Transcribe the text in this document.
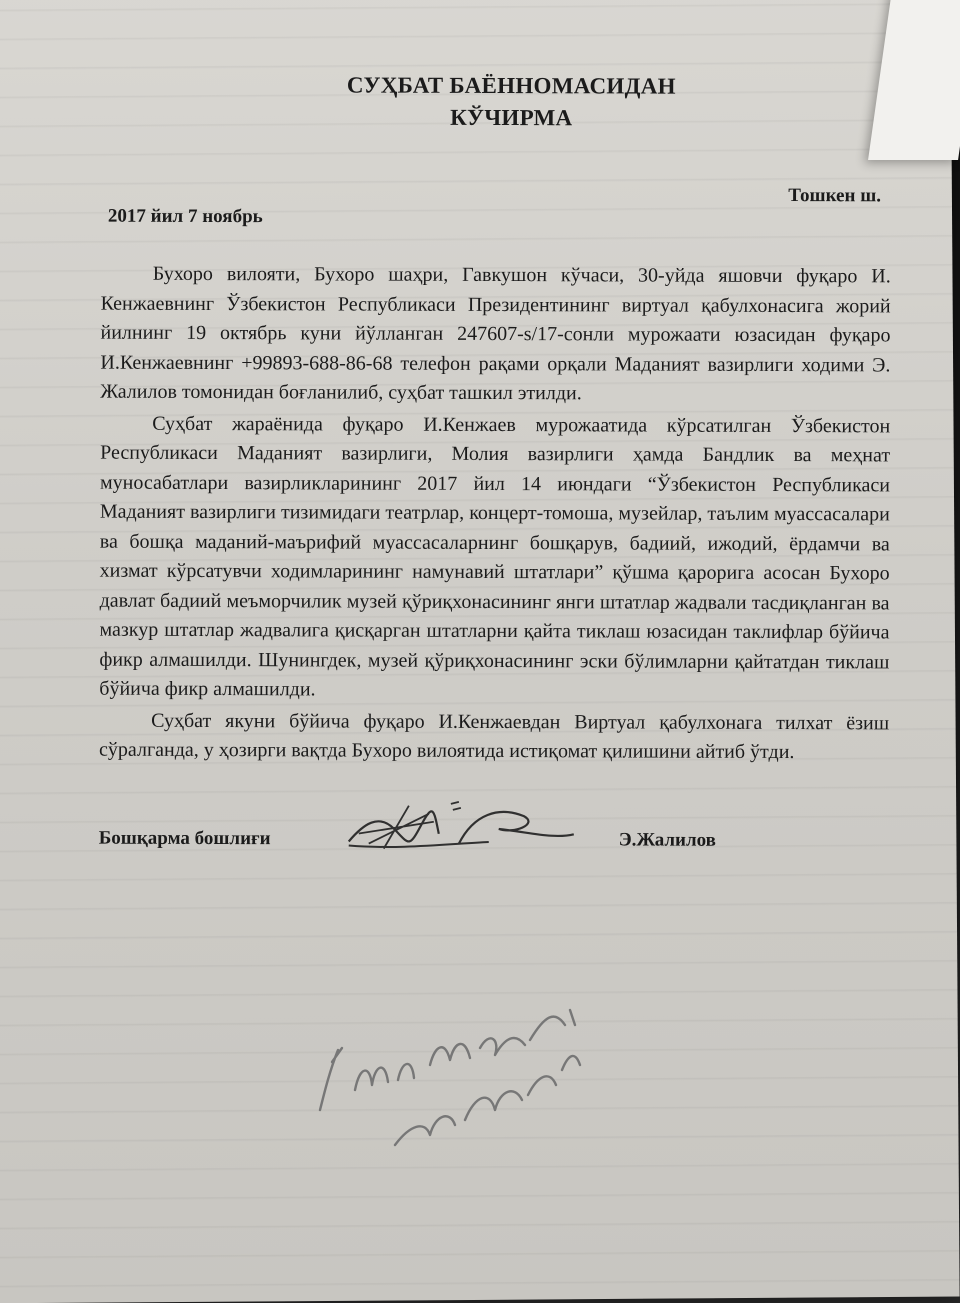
СУҲБАТ БАЁННОМАСИДАН
КЎЧИРМА
2017 йил 7 ноябрь
Тошкен ш.

Бухоро вилояти, Бухоро шаҳри, Гавкушон кўчаси, 30-уйда яшовчи фуқаро И. Кенжаевнинг Ўзбекистон Республикаси Президентининг виртуал қабулхонасига жорий йилнинг 19 октябрь куни йўлланган 247607-s/17-сонли мурожаати юзасидан фуқаро И.Кенжаевнинг +99893-688-86-68 телефон рақами орқали Маданият вазирлиги ходими Э. Жалилов томонидан боғланилиб, суҳбат ташкил этилди.

Суҳбат жараёнида фуқаро И.Кенжаев мурожаатида кўрсатилган Ўзбекистон Республикаси Маданият вазирлиги, Молия вазирлиги ҳамда Бандлик ва меҳнат муносабатлари вазирликларининг 2017 йил 14 июндаги “Ўзбекистон Республикаси Маданият вазирлиги тизимидаги театрлар, концерт-томоша, музейлар, таълим муассасалари ва бошқа маданий-маърифий муассасаларнинг бошқарув, бадиий, ижодий, ёрдамчи ва хизмат кўрсатувчи ходимларининг намунавий штатлари” қўшма қарорига асосан Бухоро давлат бадиий меъморчилик музей қўриқхонасининг янги штатлар жадвали тасдиқланган ва мазкур штатлар жадвалига қисқарган штатларни қайта тиклаш юзасидан таклифлар бўйича фикр алмашилди. Шунингдек, музей қўриқхонасининг эски бўлимларни қайтатдан тиклаш бўйича фикр алмашилди.

Суҳбат якуни бўйича фуқаро И.Кенжаевдан Виртуал қабулхонага тилхат ёзиш сўралганда, у ҳозирги вақтда Бухоро вилоятида истиқомат қилишини айтиб ўтди.

Бошқарма бошлиғи	Э.Жалилов
